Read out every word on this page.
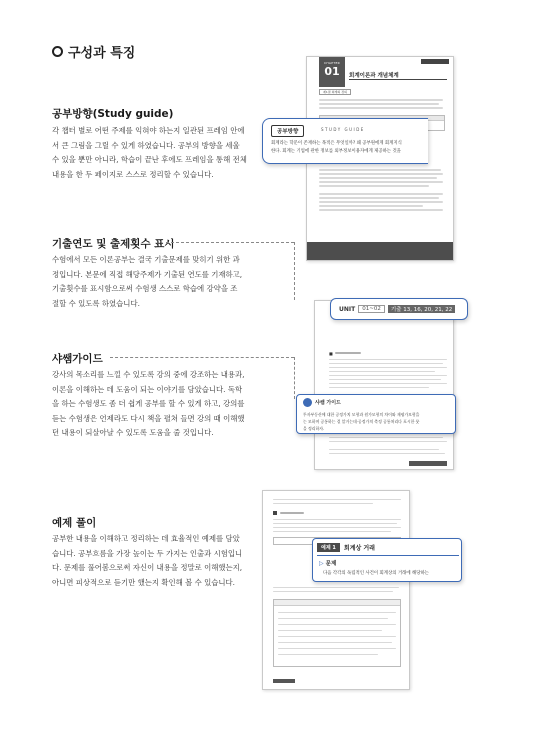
구성과 특징
공부방향(Study guide)
각 챕터 별로 어떤 주제를 익혀야 하는지 일관된 프레임 안에
서 큰 그림을 그릴 수 있게 하였습니다. 공부의 방향을 세울
수 있을 뿐만 아니라, 학습이 끝난 후에도 프레임을 통해 전체
내용을 한 두 페이지로 스스로 정리할 수 있습니다.
기출연도 및 출제횟수 표시
수험에서 모든 이론공부는 결국 기출문제를 맞히기 위한 과
정입니다. 본문에 직접 해당주제가 기출된 연도를 기재하고,
기출횟수를 표시함으로써 수험생 스스로 학습에 강약을 조
절할 수 있도록 하였습니다.
샤쌤가이드
강사의 목소리를 느낄 수 있도록 강의 중에 강조하는 내용과,
이론을 이해하는 데 도움이 되는 이야기를 담았습니다. 독학
을 하는 수험생도 좀 더 쉽게 공부를 할 수 있게 하고, 강의를
듣는 수험생은 언제라도 다시 책을 펼쳐 들면 강의 때 이해했
던 내용이 되살아날 수 있도록 도움을 줄 것입니다.
예제 풀이
공부한 내용을 이해하고 정리하는 데 효율적인 예제를 담았
습니다. 공부흐름을 가장 높이는 두 가지는 인출과 시험입니
다. 문제를 풀어봄으로써 자신이 내용을 정말로 이해했는지,
아니면 피상적으로 듣기만 했는지 확인해 볼 수 있습니다.
CHAPTER
01	회계이론과 개념체계
제1절 회계의 정의
공부방향	STUDY GUIDE
회계라는 학문이 존재하는 목적은 무엇일까? 왜 공부원에게 회계지식
한다. 회계는 기업에 관한 정보를 외부정보이용자에게 제공하는 것을
■
UNIT	01~02	기출 13, 16, 20, 21, 22
샤쌤 가이드
투자부동산에 대한 공정가치 모형과 원가모형의 차이와 재평가모형을
는 모하며 공통하는 결 알거는데·공정가치 측정 공통처리다 포시한 뭇
을 정리하자.
예제 1	회계상 거래
▷ 문제
다음 각각의 독립적인 사건이 회계상의 거래에 해당하는
